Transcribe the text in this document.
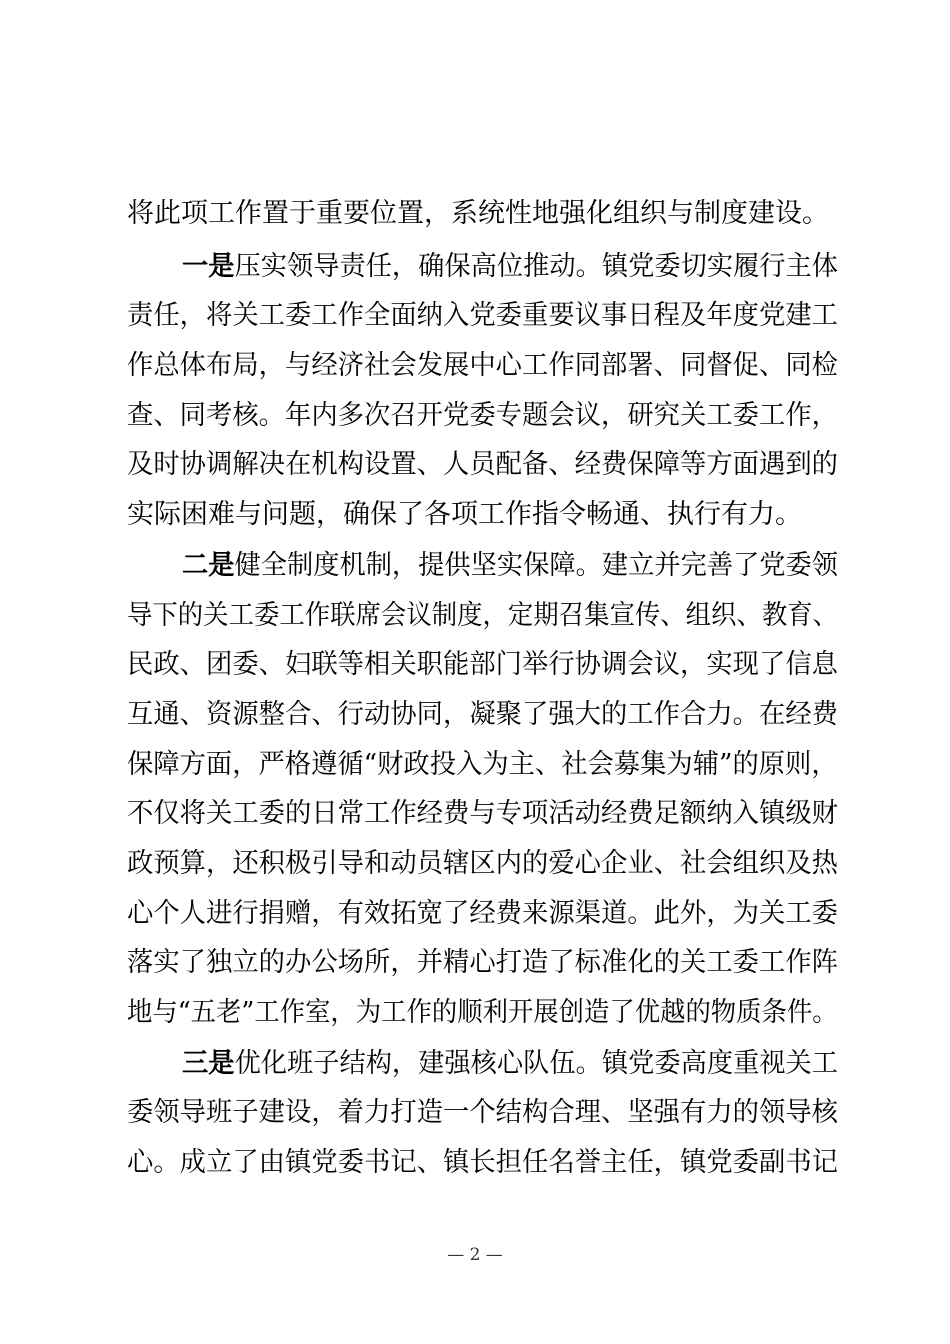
将此项工作置于重要位置，系统性地强化组织与制度建设。
一是压实领导责任，确保高位推动。镇党委切实履行主体
责任，将关工委工作全面纳入党委重要议事日程及年度党建工
作总体布局，与经济社会发展中心工作同部署、同督促、同检
查、同考核。年内多次召开党委专题会议，研究关工委工作，
及时协调解决在机构设置、人员配备、经费保障等方面遇到的
实际困难与问题，确保了各项工作指令畅通、执行有力。
二是健全制度机制，提供坚实保障。建立并完善了党委领
导下的关工委工作联席会议制度，定期召集宣传、组织、教育、
民政、团委、妇联等相关职能部门举行协调会议，实现了信息
互通、资源整合、行动协同，凝聚了强大的工作合力。在经费
保障方面，严格遵循“财政投入为主、社会募集为辅”的原则，
不仅将关工委的日常工作经费与专项活动经费足额纳入镇级财
政预算，还积极引导和动员辖区内的爱心企业、社会组织及热
心个人进行捐赠，有效拓宽了经费来源渠道。此外，为关工委
落实了独立的办公场所，并精心打造了标准化的关工委工作阵
地与“五老”工作室，为工作的顺利开展创造了优越的物质条件。
三是优化班子结构，建强核心队伍。镇党委高度重视关工
委领导班子建设，着力打造一个结构合理、坚强有力的领导核
心。成立了由镇党委书记、镇长担任名誉主任，镇党委副书记
— 2 —
